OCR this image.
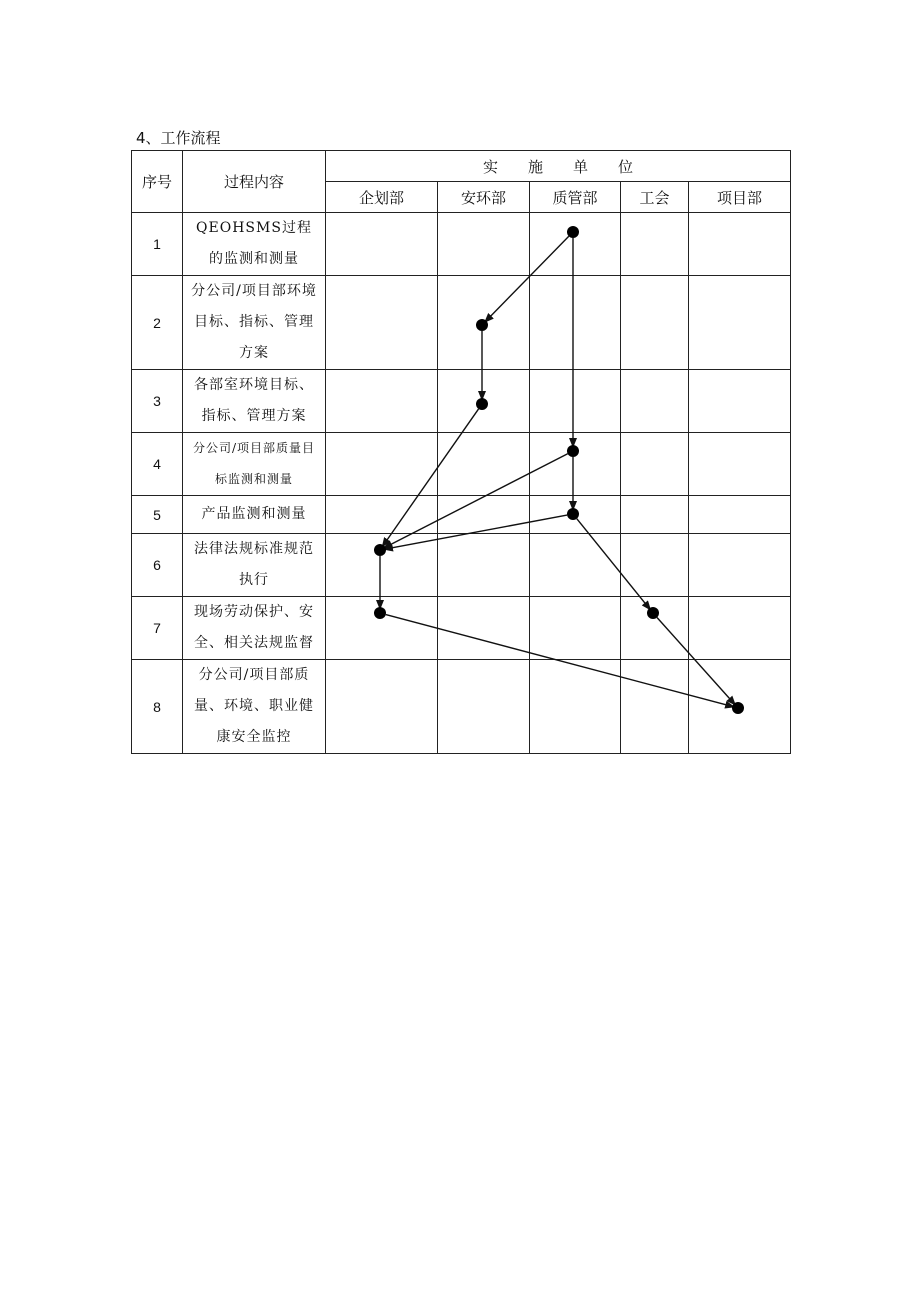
4、工作流程
序号	过程内容	实施单位				
		企划部	安环部	质管部	工会	项目部
1	QEOHSMS过程的监测和测量					
2	分公司/项目部环境目标、指标、管理方案					
3	各部室环境目标、指标、管理方案					
4	分公司/项目部质量目标监测和测量					
5	产品监测和测量					
6	法律法规标准规范执行					
7	现场劳动保护、安全、相关法规监督					
8	分公司/项目部质量、环境、职业健康安全监控					
